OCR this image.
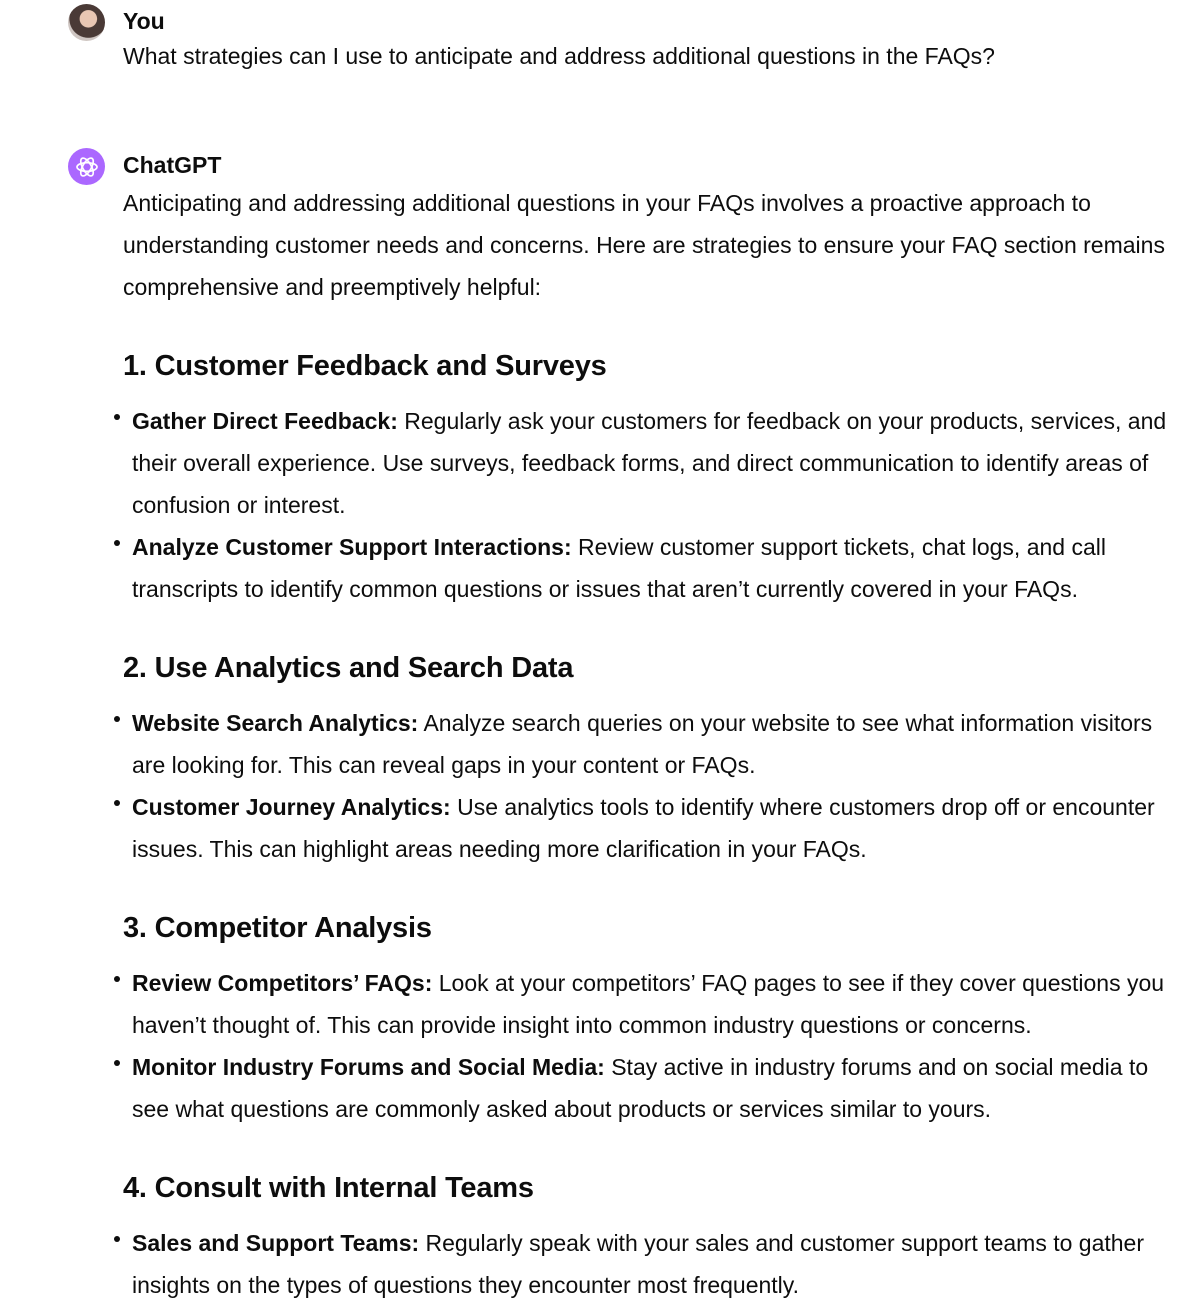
You
What strategies can I use to anticipate and address additional questions in the FAQs?
ChatGPT

Anticipating and addressing additional questions in your FAQs involves a proactive approach to understanding customer needs and concerns. Here are strategies to ensure your FAQ section remains comprehensive and preemptively helpful:

1. Customer Feedback and Surveys
Gather Direct Feedback: Regularly ask your customers for feedback on your products, services, and their overall experience. Use surveys, feedback forms, and direct communication to identify areas of confusion or interest.
Analyze Customer Support Interactions: Review customer support tickets, chat logs, and call transcripts to identify common questions or issues that aren’t currently covered in your FAQs.
2. Use Analytics and Search Data
Website Search Analytics: Analyze search queries on your website to see what information visitors are looking for. This can reveal gaps in your content or FAQs.
Customer Journey Analytics: Use analytics tools to identify where customers drop off or encounter issues. This can highlight areas needing more clarification in your FAQs.
3. Competitor Analysis
Review Competitors’ FAQs: Look at your competitors’ FAQ pages to see if they cover questions you haven’t thought of. This can provide insight into common industry questions or concerns.
Monitor Industry Forums and Social Media: Stay active in industry forums and on social media to see what questions are commonly asked about products or services similar to yours.
4. Consult with Internal Teams
Sales and Support Teams: Regularly speak with your sales and customer support teams to gather insights on the types of questions they encounter most frequently.
